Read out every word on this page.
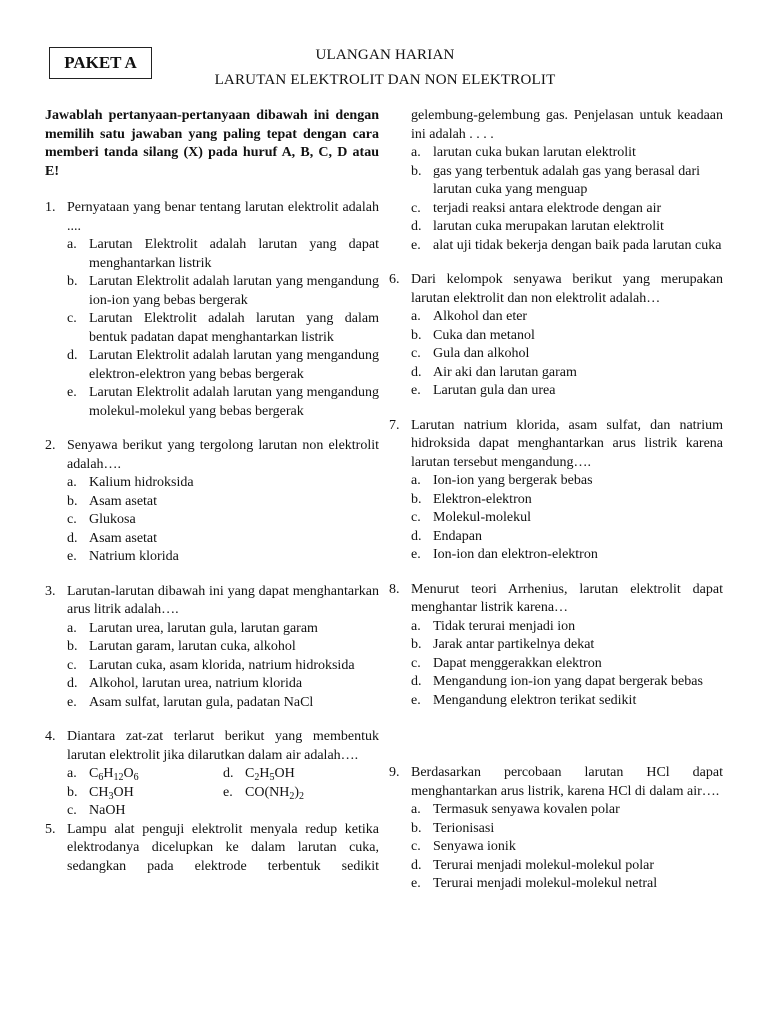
PAKET A	ULANGAN HARIAN
LARUTAN ELEKTROLIT DAN NON ELEKTROLIT
Jawablah pertanyaan-pertanyaan dibawah ini dengan memilih satu jawaban yang paling tepat dengan cara memberi tanda silang (X) pada huruf A, B, C, D atau E!
1. Pernyataan yang benar tentang larutan elektrolit adalah ....
a. Larutan Elektrolit adalah larutan yang dapat menghantarkan listrik
b. Larutan Elektrolit adalah larutan yang mengandung ion-ion yang bebas bergerak
c. Larutan Elektrolit adalah larutan yang dalam bentuk padatan dapat menghantarkan listrik
d. Larutan Elektrolit adalah larutan yang mengandung elektron-elektron yang bebas bergerak
e. Larutan Elektrolit adalah larutan yang mengandung molekul-molekul yang bebas bergerak
2. Senyawa berikut yang tergolong larutan non elektrolit adalah….
a. Kalium hidroksida
b. Asam asetat
c. Glukosa
d. Asam asetat
e. Natrium klorida
3. Larutan-larutan dibawah ini yang dapat menghantarkan arus litrik adalah….
a. Larutan urea, larutan gula, larutan garam
b. Larutan garam, larutan cuka, alkohol
c. Larutan cuka, asam klorida, natrium hidroksida
d. Alkohol, larutan urea, natrium klorida
e. Asam sulfat, larutan gula, padatan NaCl
4. Diantara zat-zat terlarut berikut yang membentuk larutan elektrolit jika dilarutkan dalam air adalah….
a. $C_6H_{12}O_6$	d. $C_2H_5OH$
b. $CH_3OH$	e. $CO(NH_2)_2$
c. NaOH
5. Lampu alat penguji elektrolit menyala redup ketika elektrodanya dicelupkan ke dalam larutan cuka, sedangkan pada elektrode terbentuk sedikit
gelembung-gelembung gas. Penjelasan untuk keadaan ini adalah . . . .
a. larutan cuka bukan larutan elektrolit
b. gas yang terbentuk adalah gas yang berasal dari larutan cuka yang menguap
c. terjadi reaksi antara elektrode dengan air
d. larutan cuka merupakan larutan elektrolit
e. alat uji tidak bekerja dengan baik pada larutan cuka
6. Dari kelompok senyawa berikut yang merupakan larutan elektrolit dan non elektrolit adalah…
a. Alkohol dan eter
b. Cuka dan metanol
c. Gula dan alkohol
d. Air aki dan larutan garam
e. Larutan gula dan urea
7. Larutan natrium klorida, asam sulfat, dan natrium hidroksida dapat menghantarkan arus listrik karena larutan tersebut mengandung….
a. Ion-ion yang bergerak bebas
b. Elektron-elektron
c. Molekul-molekul
d. Endapan
e. Ion-ion dan elektron-elektron
8. Menurut teori Arrhenius, larutan elektrolit dapat menghantar listrik karena…
a. Tidak terurai menjadi ion
b. Jarak antar partikelnya dekat
c. Dapat menggerakkan elektron
d. Mengandung ion-ion yang dapat bergerak bebas
e. Mengandung elektron terikat sedikit
9. Berdasarkan percobaan larutan HCl dapat menghantarkan arus listrik, karena HCl di dalam air….
a. Termasuk senyawa kovalen polar
b. Terionisasi
c. Senyawa ionik
d. Terurai menjadi molekul-molekul polar
e. Terurai menjadi molekul-molekul netral
